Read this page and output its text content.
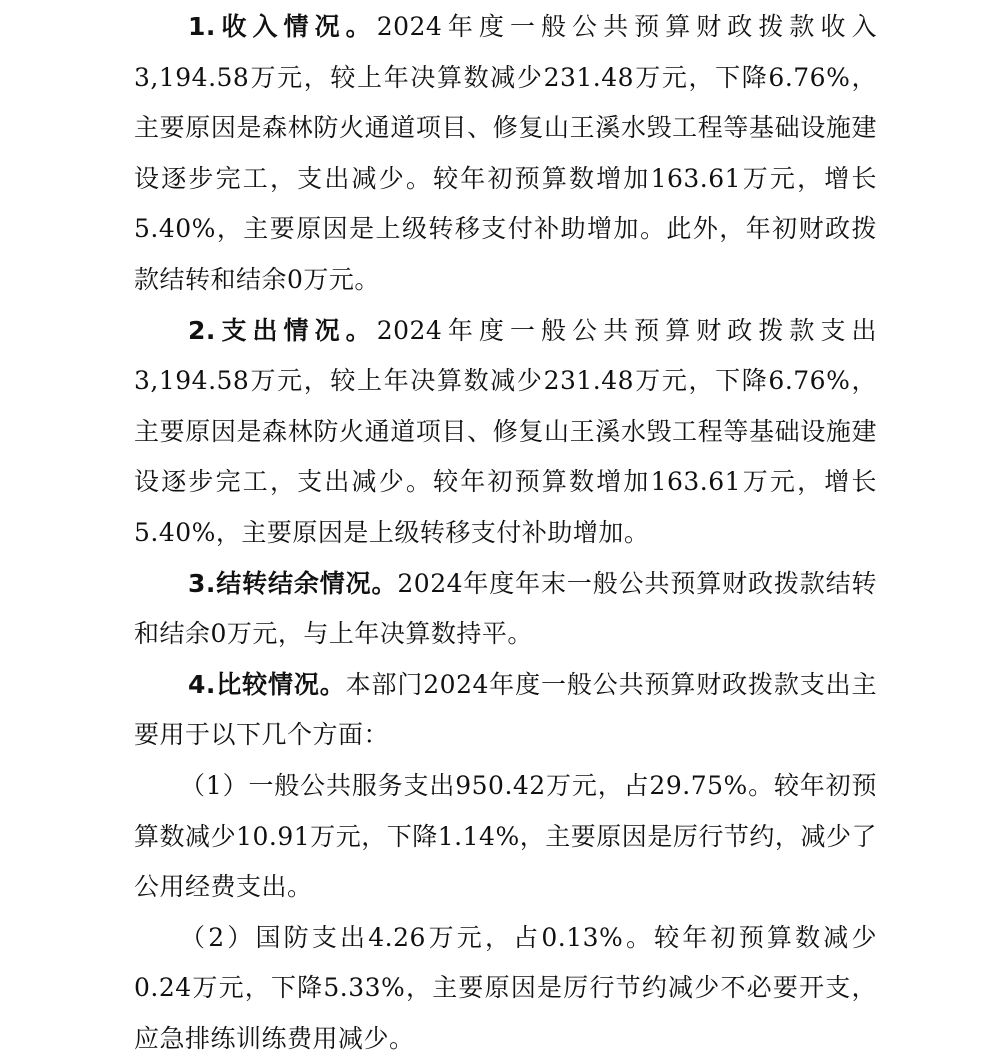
1.收入情况。2024年度一般公共预算财政拨款收入3,194.58万元，较上年决算数减少231.48万元，下降6.76%，主要原因是森林防火通道项目、修复山王溪水毁工程等基础设施建设逐步完工，支出减少。较年初预算数增加163.61万元，增长5.40%，主要原因是上级转移支付补助增加。此外，年初财政拨款结转和结余0万元。

2.支出情况。2024年度一般公共预算财政拨款支出3,194.58万元，较上年决算数减少231.48万元，下降6.76%，主要原因是森林防火通道项目、修复山王溪水毁工程等基础设施建设逐步完工，支出减少。较年初预算数增加163.61万元，增长5.40%，主要原因是上级转移支付补助增加。

3.结转结余情况。2024年度年末一般公共预算财政拨款结转和结余0万元，与上年决算数持平。

4.比较情况。本部门2024年度一般公共预算财政拨款支出主要用于以下几个方面：

（1）一般公共服务支出950.42万元，占29.75%。较年初预算数减少10.91万元，下降1.14%，主要原因是厉行节约，减少了公用经费支出。

（2）国防支出4.26万元，占0.13%。较年初预算数减少0.24万元，下降5.33%，主要原因是厉行节约减少不必要开支，应急排练训练费用减少。
